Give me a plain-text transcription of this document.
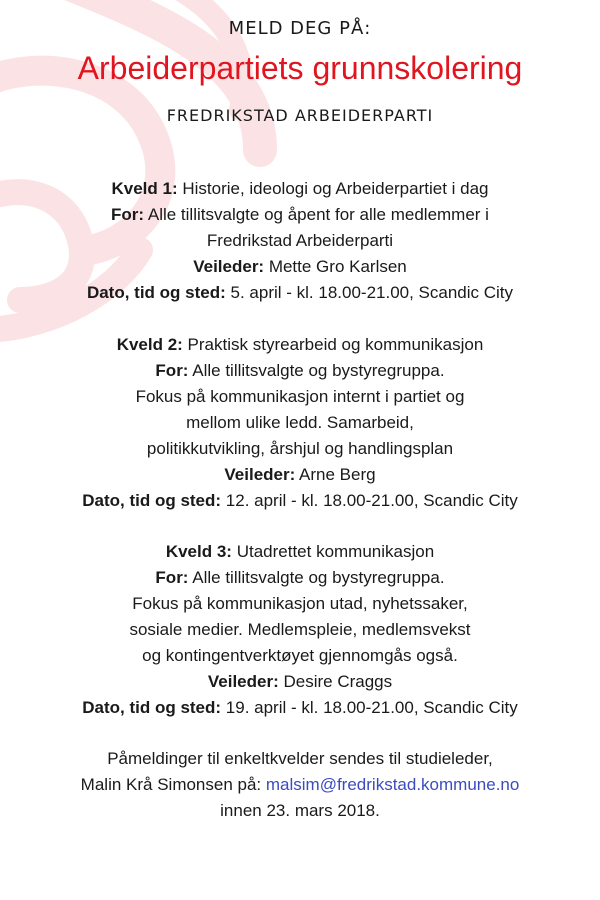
MELD DEG PÅ:
Arbeiderpartiets grunnskolering
FREDRIKSTAD ARBEIDERPARTI
Kveld 1: Historie, ideologi og Arbeiderpartiet i dag
For: Alle tillitsvalgte og åpent for alle medlemmer i
Fredrikstad Arbeiderparti
Veileder: Mette Gro Karlsen
Dato, tid og sted: 5. april - kl. 18.00-21.00, Scandic City
Kveld 2: Praktisk styrearbeid og kommunikasjon
For: Alle tillitsvalgte og bystyregruppa.
Fokus på kommunikasjon internt i partiet og
mellom ulike ledd. Samarbeid,
politikkutvikling, årshjul og handlingsplan
Veileder: Arne Berg
Dato, tid og sted: 12. april - kl. 18.00-21.00, Scandic City
Kveld 3: Utadrettet kommunikasjon
For: Alle tillitsvalgte og bystyregruppa.
Fokus på kommunikasjon utad, nyhetssaker,
sosiale medier. Medlemspleie, medlemsvekst
og kontingentverktøyet gjennomgås også.
Veileder: Desire Craggs
Dato, tid og sted: 19. april - kl. 18.00-21.00, Scandic City
Påmeldinger til enkeltkvelder sendes til studieleder,
Malin Krå Simonsen på: malsim@fredrikstad.kommune.no
innen 23. mars 2018.
